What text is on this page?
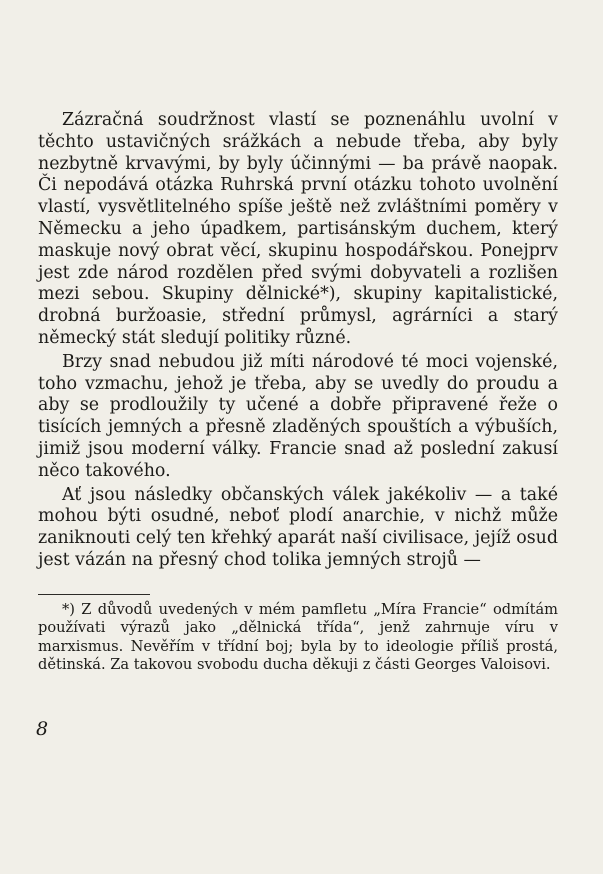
Zázračná soudržnost vlastí se poznenáhlu uvolní v těchto ustavičných srážkách a nebude třeba, aby byly nezbytně krvavými, by byly účinnými — ba právě naopak. Či nepodává otázka Ruhrská první otázku tohoto uvolnění vlastí, vysvětlitelného spíše ještě než zvláštními poměry v Německu a jeho úpadkem, partisánským duchem, který maskuje nový obrat věcí, skupinu hospodářskou. Ponejprv jest zde národ rozdělen před svými dobyvateli a rozlišen mezi sebou. Skupiny dělnické*), skupiny kapitalistické, drobná buržoasie, střední průmysl, agrárníci a starý německý stát sledují politiky různé.

Brzy snad nebudou již míti národové té moci vojenské, toho vzmachu, jehož je třeba, aby se uvedly do proudu a aby se prodloužily ty učené a dobře připravené řeže o tisících jemných a přesně zladěných spouštích a výbuších, jimiž jsou moderní války. Francie snad až poslední zakusí něco takového.

Ať jsou následky občanských válek jakékoliv — a také mohou býti osudné, neboť plodí anarchie, v nichž může zaniknouti celý ten křehký aparát naší civilisace, jejíž osud jest vázán na přesný chod tolika jemných strojů —

*) Z důvodů uvedených v mém pamfletu „Míra Francie“ odmítám používati výrazů jako „dělnická třída“, jenž zahrnuje víru v marxismus. Nevěřím v třídní boj; byla by to ideologie příliš prostá, dětinská. Za takovou svobodu ducha děkuji z části Georges Valoisovi.

8
